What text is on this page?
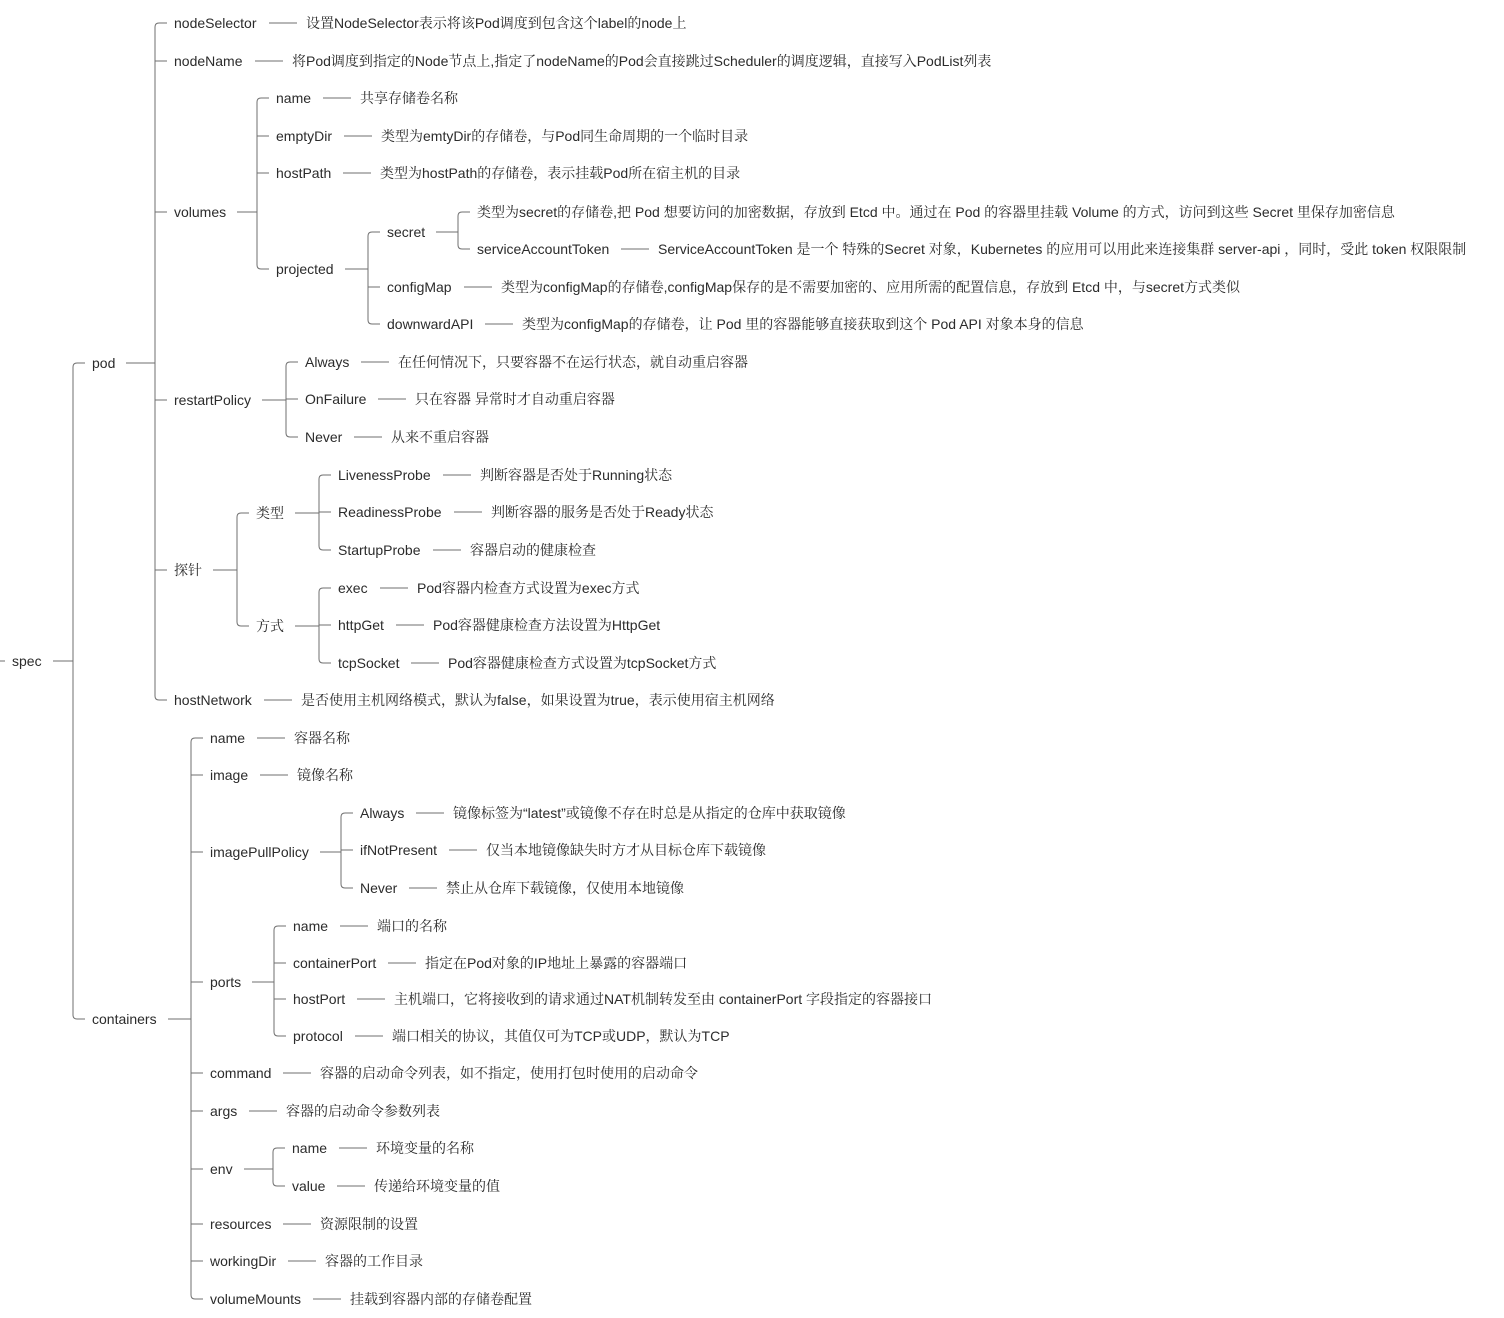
spec
pod
nodeSelector
nodeName
volumes
name
emptyDir
hostPath
projected
secret
类型为secret的存储卷,把 Pod 想要访问的加密数据，存放到 Etcd 中。通过在 Pod 的容器里挂载 Volume 的方式，访问到这些 Secret 里保存加密信息
serviceAccountToken
configMap
downwardAPI
restartPolicy
Always
OnFailure
Never
探针
类型
LivenessProbe
ReadinessProbe
StartupProbe
方式
exec
httpGet
tcpSocket
hostNetwork
containers
name
image
imagePullPolicy
Always
ifNotPresent
Never
ports
name
containerPort
hostPort
protocol
command
args
env
name
value
resources
workingDir
volumeMounts
设置NodeSelector表示将该Pod调度到包含这个label的node上
将Pod调度到指定的Node节点上,指定了nodeName的Pod会直接跳过Scheduler的调度逻辑，直接写入PodList列表
共享存储卷名称
类型为emtyDir的存储卷，与Pod同生命周期的一个临时目录
类型为hostPath的存储卷，表示挂载Pod所在宿主机的目录
ServiceAccountToken 是一个 特殊的Secret 对象，Kubernetes 的应用可以用此来连接集群 server-api ，同时，受此 token 权限限制
类型为configMap的存储卷,configMap保存的是不需要加密的、应用所需的配置信息，存放到 Etcd 中，与secret方式类似
类型为configMap的存储卷，让 Pod 里的容器能够直接获取到这个 Pod API 对象本身的信息
在任何情况下，只要容器不在运行状态，就自动重启容器
只在容器 异常时才自动重启容器
从来不重启容器
判断容器是否处于Running状态
判断容器的服务是否处于Ready状态
容器启动的健康检查
Pod容器内检查方式设置为exec方式
Pod容器健康检查方法设置为HttpGet
Pod容器健康检查方式设置为tcpSocket方式
是否使用主机网络模式，默认为false，如果设置为true，表示使用宿主机网络
容器名称
镜像名称
镜像标签为“latest”或镜像不存在时总是从指定的仓库中获取镜像
仅当本地镜像缺失时方才从目标仓库下载镜像
禁止从仓库下载镜像，仅使用本地镜像
端口的名称
指定在Pod对象的IP地址上暴露的容器端口
主机端口，它将接收到的请求通过NAT机制转发至由 containerPort 字段指定的容器接口
端口相关的协议，其值仅可为TCP或UDP，默认为TCP
容器的启动命令列表，如不指定，使用打包时使用的启动命令
容器的启动命令参数列表
环境变量的名称
传递给环境变量的值
资源限制的设置
容器的工作目录
挂载到容器内部的存储卷配置
